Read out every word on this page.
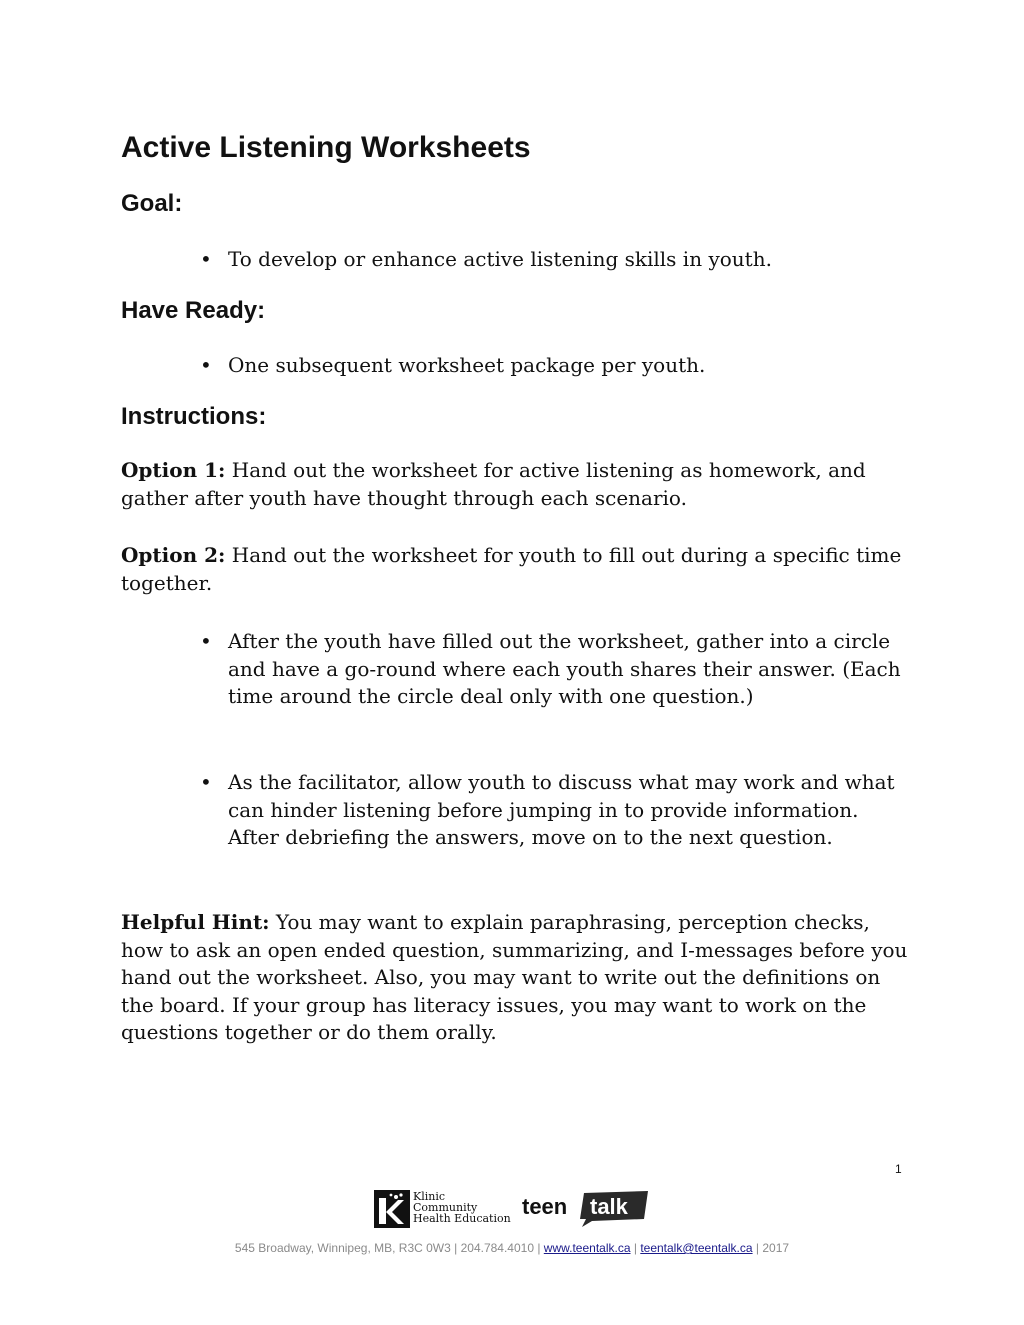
Active Listening Worksheets
Goal:
• To develop or enhance active listening skills in youth.
Have Ready:
• One subsequent worksheet package per youth.
Instructions:
Option 1: Hand out the worksheet for active listening as homework, and gather after youth have thought through each scenario.
Option 2: Hand out the worksheet for youth to fill out during a specific time together.
• After the youth have filled out the worksheet, gather into a circle and have a go-round where each youth shares their answer. (Each time around the circle deal only with one question.)
• As the facilitator, allow youth to discuss what may work and what can hinder listening before jumping in to provide information. After debriefing the answers, move on to the next question.
Helpful Hint: You may want to explain paraphrasing, perception checks, how to ask an open ended question, summarizing, and I-messages before you hand out the worksheet. Also, you may want to write out the definitions on the board. If your group has literacy issues, you may want to work on the questions together or do them orally.
1
Klinic
Community
Health Education teen talk
545 Broadway, Winnipeg, MB, R3C 0W3 | 204.784.4010 | www.teentalk.ca | teentalk@teentalk.ca | 2017
